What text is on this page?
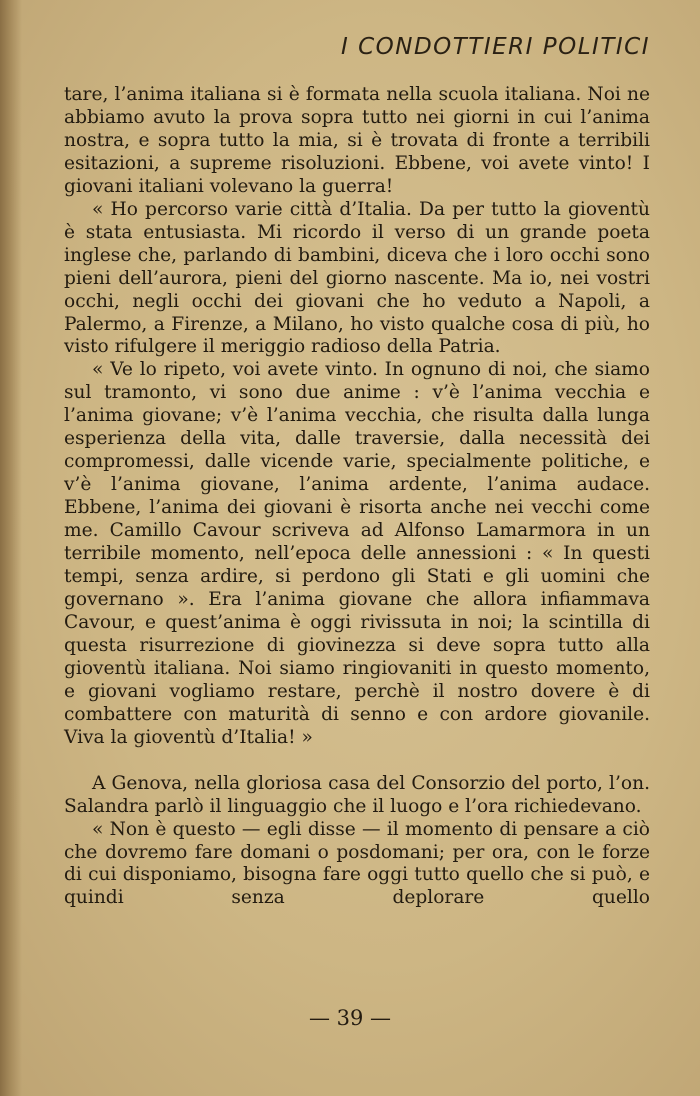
I CONDOTTIERI POLITICI

tare, l’anima italiana si è formata nella scuola italiana. Noi ne abbiamo avuto la prova sopra tutto nei giorni in cui l’anima nostra, e sopra tutto la mia, si è trovata di fronte a terribili esitazioni, a supreme risoluzioni. Ebbene, voi avete vinto! I giovani italiani volevano la guerra!

« Ho percorso varie città d’Italia. Da per tutto la gioventù è stata entusiasta. Mi ricordo il verso di un grande poeta inglese che, parlando di bambini, diceva che i loro occhi sono pieni dell’aurora, pieni del giorno nascente. Ma io, nei vostri occhi, negli occhi dei giovani che ho veduto a Napoli, a Palermo, a Firenze, a Milano, ho visto qualche cosa di più, ho visto rifulgere il meriggio radioso della Patria.

« Ve lo ripeto, voi avete vinto. In ognuno di noi, che siamo sul tramonto, vi sono due anime : v’è l’anima vecchia e l’anima giovane; v’è l’anima vecchia, che risulta dalla lunga esperienza della vita, dalle traversie, dalla necessità dei compromessi, dalle vicende varie, specialmente politiche, e v’è l’anima giovane, l’anima ardente, l’anima audace. Ebbene, l’anima dei giovani è risorta anche nei vecchi come me. Camillo Cavour scriveva ad Alfonso Lamarmora in un terribile momento, nell’epoca delle annessioni : « In questi tempi, senza ardire, si perdono gli Stati e gli uomini che governano ». Era l’anima giovane che allora infiammava Cavour, e quest’anima è oggi rivissuta in noi; la scintilla di questa risurrezione di giovinezza si deve sopra tutto alla gioventù italiana. Noi siamo ringiovaniti in questo momento, e giovani vogliamo restare, perchè il nostro dovere è di combattere con maturità di senno e con ardore giovanile. Viva la gioventù d’Italia! »

A Genova, nella gloriosa casa del Consorzio del porto, l’on. Salandra parlò il linguaggio che il luogo e l’ora richiedevano.

« Non è questo — egli disse — il momento di pensare a ciò che dovremo fare domani o posdomani; per ora, con le forze di cui disponiamo, bisogna fare oggi tutto quello che si può, e quindi senza deplorare quello

— 39 —
